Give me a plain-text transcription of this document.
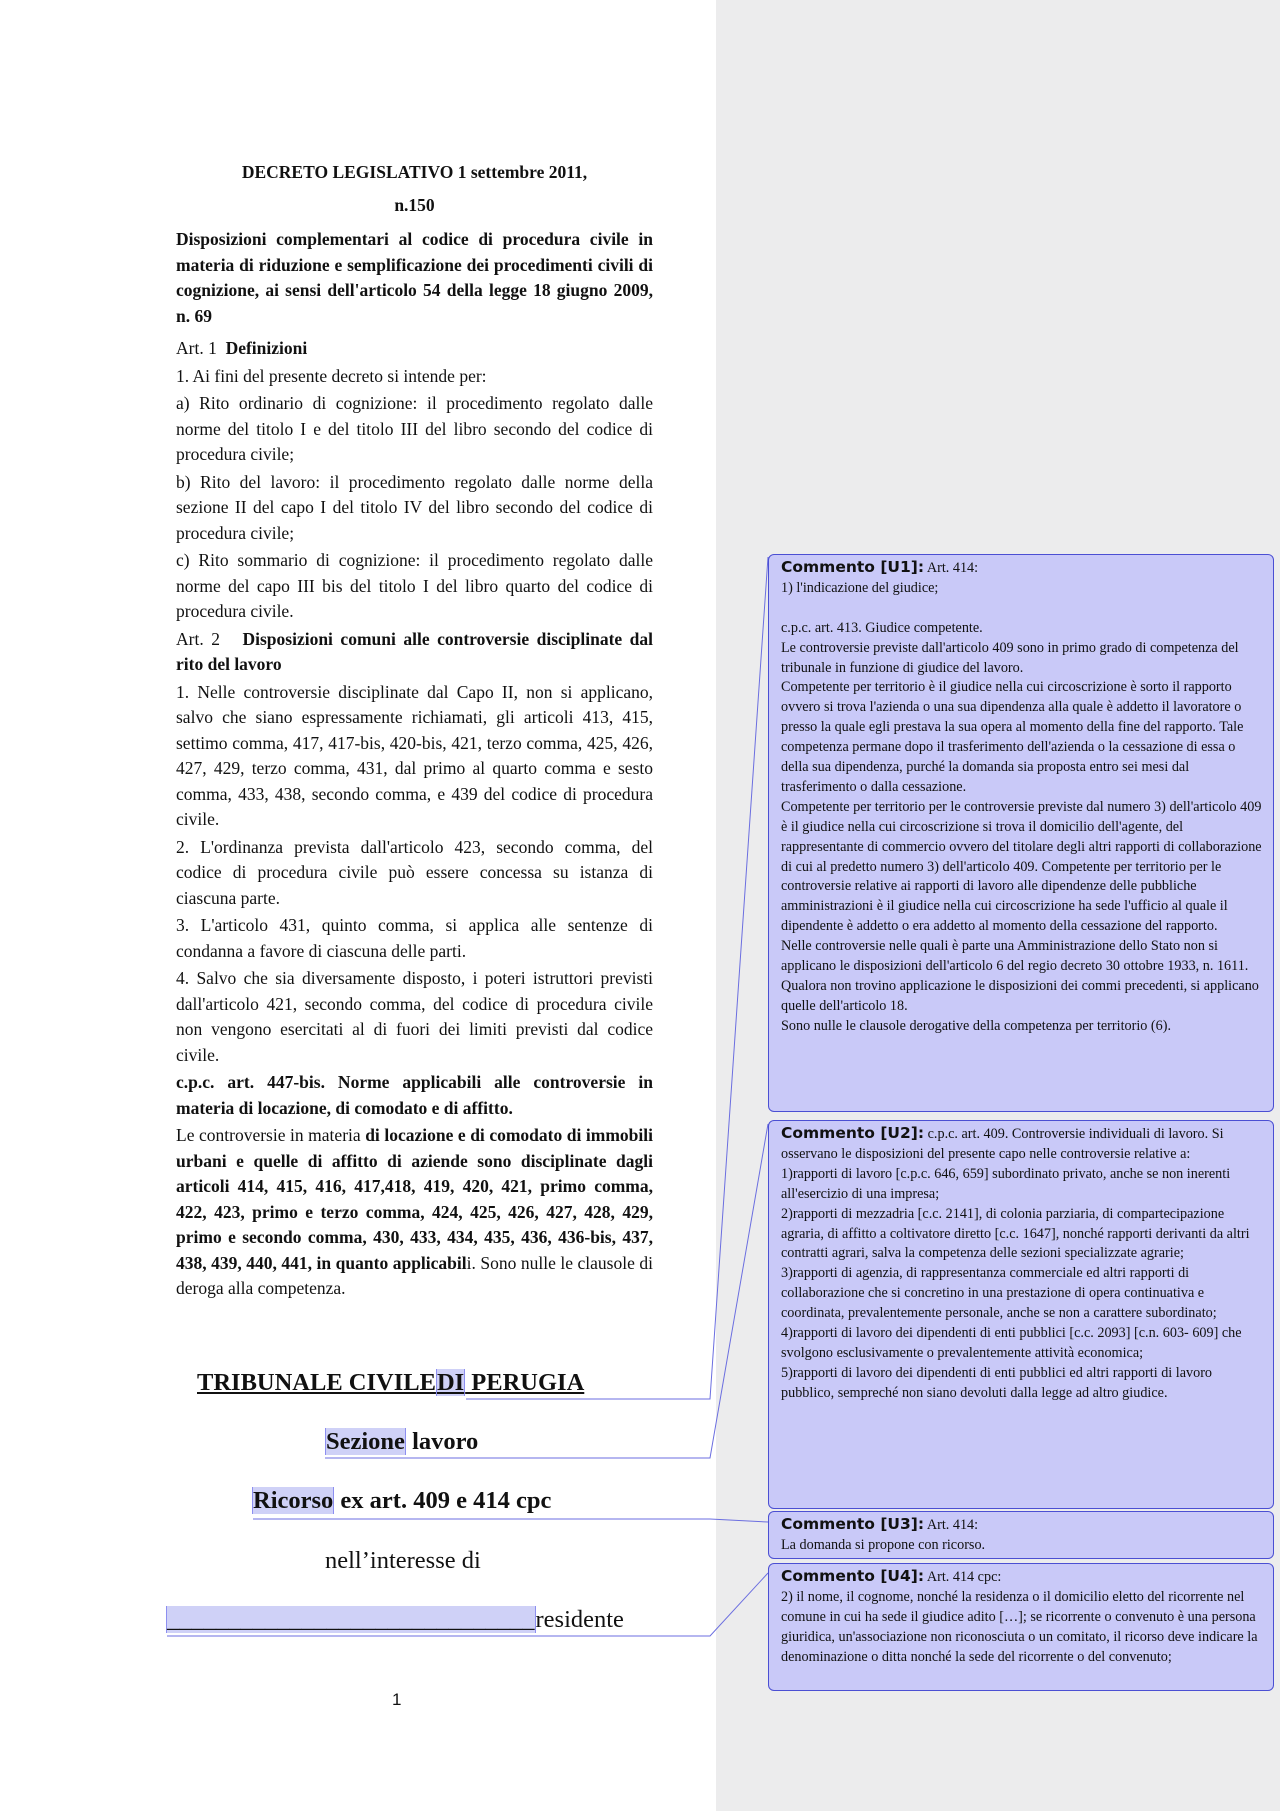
DECRETO LEGISLATIVO 1 settembre 2011,
n.150
Disposizioni complementari al codice di procedura civile in materia di riduzione e semplificazione dei procedimenti civili di cognizione, ai sensi dell'articolo 54 della legge 18 giugno 2009, n. 69
Art. 1 Definizioni
1. Ai fini del presente decreto si intende per:
a) Rito ordinario di cognizione: il procedimento regolato dalle norme del titolo I e del titolo III del libro secondo del codice di procedura civile;
b) Rito del lavoro: il procedimento regolato dalle norme della sezione II del capo I del titolo IV del libro secondo del codice di procedura civile;
c) Rito sommario di cognizione: il procedimento regolato dalle norme del capo III bis del titolo I del libro quarto del codice di procedura civile.
Art. 2 Disposizioni comuni alle controversie disciplinate dal rito del lavoro
1. Nelle controversie disciplinate dal Capo II, non si applicano, salvo che siano espressamente richiamati, gli articoli 413, 415, settimo comma, 417, 417-bis, 420-bis, 421, terzo comma, 425, 426, 427, 429, terzo comma, 431, dal primo al quarto comma e sesto comma, 433, 438, secondo comma, e 439 del codice di procedura civile.
2. L'ordinanza prevista dall'articolo 423, secondo comma, del codice di procedura civile può essere concessa su istanza di ciascuna parte.
3. L'articolo 431, quinto comma, si applica alle sentenze di condanna a favore di ciascuna delle parti.
4. Salvo che sia diversamente disposto, i poteri istruttori previsti dall'articolo 421, secondo comma, del codice di procedura civile non vengono esercitati al di fuori dei limiti previsti dal codice civile.
c.p.c. art. 447-bis. Norme applicabili alle controversie in materia di locazione, di comodato e di affitto.
Le controversie in materia di locazione e di comodato di immobili urbani e quelle di affitto di aziende sono disciplinate dagli articoli 414, 415, 416, 417,418, 419, 420, 421, primo comma, 422, 423, primo e terzo comma, 424, 425, 426, 427, 428, 429, primo e secondo comma, 430, 433, 434, 435, 436, 436-bis, 437, 438, 439, 440, 441, in quanto applicabili. Sono nulle le clausole di deroga alla competenza.
TRIBUNALE CIVILEDI PERUGIA
Sezione lavoro
Ricorso ex art. 409 e 414 cpc
nell’interesse di
______________________________residente
1
Commento [U1]: Art. 414:
1) l'indicazione del giudice;
c.p.c. art. 413. Giudice competente.
Le controversie previste dall'articolo 409 sono in primo grado di competenza del tribunale in funzione di giudice del lavoro.
Competente per territorio è il giudice nella cui circoscrizione è sorto il rapporto ovvero si trova l'azienda o una sua dipendenza alla quale è addetto il lavoratore o presso la quale egli prestava la sua opera al momento della fine del rapporto. Tale competenza permane dopo il trasferimento dell'azienda o la cessazione di essa o della sua dipendenza, purché la domanda sia proposta entro sei mesi dal trasferimento o dalla cessazione.
Competente per territorio per le controversie previste dal numero 3) dell'articolo 409 è il giudice nella cui circoscrizione si trova il domicilio dell'agente, del rappresentante di commercio ovvero del titolare degli altri rapporti di collaborazione di cui al predetto numero 3) dell'articolo 409. Competente per territorio per le controversie relative ai rapporti di lavoro alle dipendenze delle pubbliche amministrazioni è il giudice nella cui circoscrizione ha sede l'ufficio al quale il dipendente è addetto o era addetto al momento della cessazione del rapporto.
Nelle controversie nelle quali è parte una Amministrazione dello Stato non si applicano le disposizioni dell'articolo 6 del regio decreto 30 ottobre 1933, n. 1611.
Qualora non trovino applicazione le disposizioni dei commi precedenti, si applicano quelle dell'articolo 18.
Sono nulle le clausole derogative della competenza per territorio (6).
Commento [U2]: c.p.c. art. 409. Controversie individuali di lavoro. Si osservano le disposizioni del presente capo nelle controversie relative a:
1)rapporti di lavoro [c.p.c. 646, 659] subordinato privato, anche se non inerenti all'esercizio di una impresa;
2)rapporti di mezzadria [c.c. 2141], di colonia parziaria, di compartecipazione agraria, di affitto a coltivatore diretto [c.c. 1647], nonché rapporti derivanti da altri contratti agrari, salva la competenza delle sezioni specializzate agrarie;
3)rapporti di agenzia, di rappresentanza commerciale ed altri rapporti di collaborazione che si concretino in una prestazione di opera continuativa e coordinata, prevalentemente personale, anche se non a carattere subordinato;
4)rapporti di lavoro dei dipendenti di enti pubblici [c.c. 2093] [c.n. 603- 609] che svolgono esclusivamente o prevalentemente attività economica;
5)rapporti di lavoro dei dipendenti di enti pubblici ed altri rapporti di lavoro pubblico, sempreché non siano devoluti dalla legge ad altro giudice.
Commento [U3]: Art. 414:
La domanda si propone con ricorso.
Commento [U4]: Art. 414 cpc:
2) il nome, il cognome, nonché la residenza o il domicilio eletto del ricorrente nel comune in cui ha sede il giudice adito […]; se ricorrente o convenuto è una persona giuridica, un'associazione non riconosciuta o un comitato, il ricorso deve indicare la denominazione o ditta nonché la sede del ricorrente o del convenuto;
